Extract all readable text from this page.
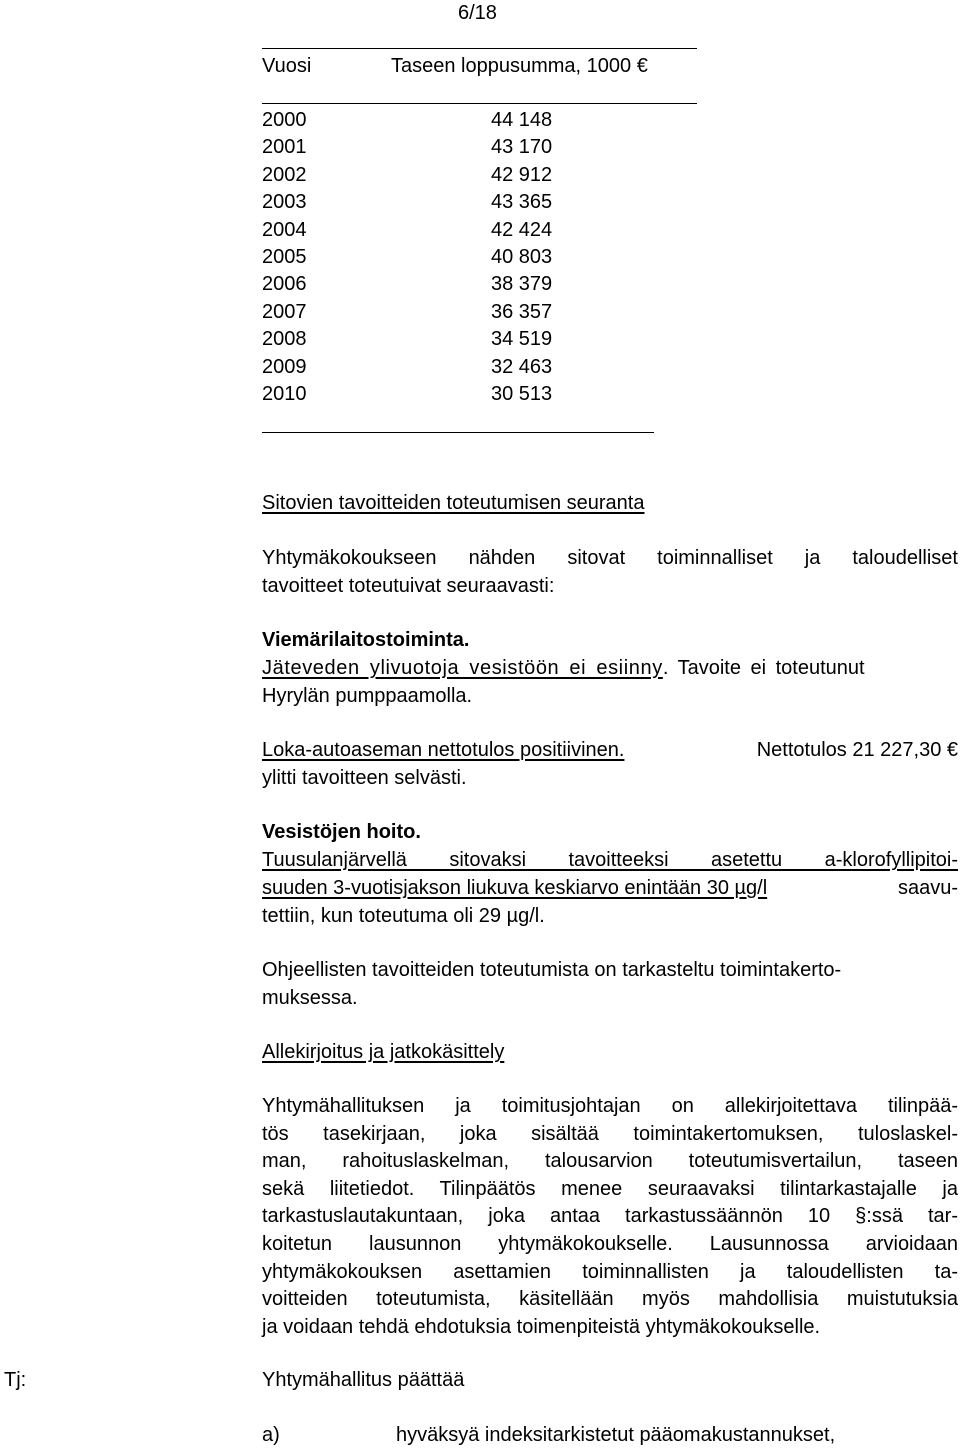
6/18
Vuosi	Taseen loppusumma, 1000 €
2000	44 148
2001	43 170
2002	42 912
2003	43 365
2004	42 424
2005	40 803
2006	38 379
2007	36 357
2008	34 519
2009	32 463
2010	30 513
Sitovien tavoitteiden toteutumisen seuranta
Yhtymäkokoukseen nähden sitovat toiminnalliset ja taloudelliset
tavoitteet toteutuivat seuraavasti:
Viemärilaitostoiminta.
Jäteveden ylivuotoja vesistöön ei esiinny . Tavoite ei toteutunut
Hyrylän pumppaamolla.
Loka-autoaseman nettotulos positiivinen.	Nettotulos 21 227,30 €
ylitti tavoitteen selvästi.
Vesistöjen hoito.
Tuusulanjärvellä sitovaksi tavoitteeksi asetettu a-klorofyllipitoi-
suuden 3-vuotisjakson liukuva keskiarvo enintään 30 µg/l	saavu-
tettiin, kun toteutuma oli 29 µg/l.
Ohjeellisten tavoitteiden toteutumista on tarkasteltu toimintakerto-
muksessa.
Allekirjoitus ja jatkokäsittely
Yhtymähallituksen ja toimitusjohtajan on allekirjoitettava tilinpää-
tös tasekirjaan, joka sisältää toimintakertomuksen, tuloslaskel-
man, rahoituslaskelman, talousarvion toteutumisvertailun, taseen
sekä liitetiedot. Tilinpäätös menee seuraavaksi tilintarkastajalle ja
tarkastuslautakuntaan, joka antaa tarkastussäännön 10 §:ssä tar-
koitetun lausunnon yhtymäkokoukselle. Lausunnossa arvioidaan
yhtymäkokouksen asettamien toiminnallisten ja taloudellisten ta-
voitteiden toteutumista, käsitellään myös mahdollisia muistutuksia
ja voidaan tehdä ehdotuksia toimenpiteistä yhtymäkokoukselle.
Tj:	Yhtymähallitus päättää
a)	hyväksyä indeksitarkistetut pääomakustannukset,
